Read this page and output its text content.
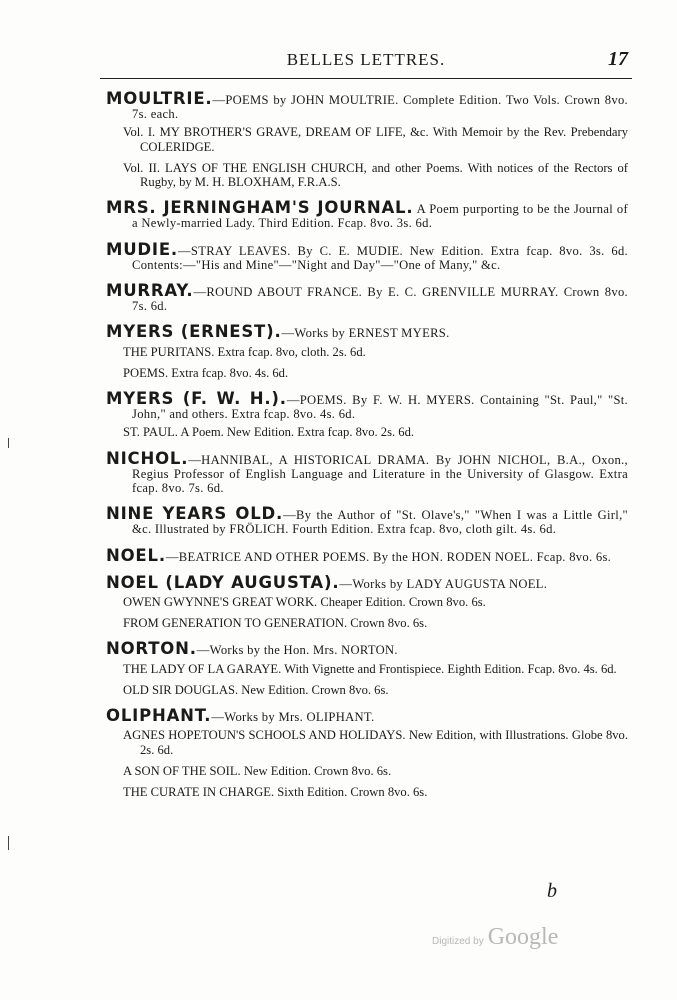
BELLES LETTRES.	17
MOULTRIE.—POEMS by JOHN MOULTRIE. Complete Edition. Two Vols. Crown 8vo. 7s. each.
Vol. I. MY BROTHER'S GRAVE, DREAM OF LIFE, &c. With Memoir by the Rev. Prebendary COLERIDGE.
Vol. II. LAYS OF THE ENGLISH CHURCH, and other Poems. With notices of the Rectors of Rugby, by M. H. BLOXHAM, F.R.A.S.
MRS. JERNINGHAM'S JOURNAL. A Poem purporting to be the Journal of a Newly-married Lady. Third Edition. Fcap. 8vo. 3s. 6d.
MUDIE.—STRAY LEAVES. By C. E. MUDIE. New Edition. Extra fcap. 8vo. 3s. 6d. Contents:—"His and Mine"—"Night and Day"—"One of Many," &c.
MURRAY.—ROUND ABOUT FRANCE. By E. C. GRENVILLE MURRAY. Crown 8vo. 7s. 6d.
MYERS (ERNEST).—Works by ERNEST MYERS.
THE PURITANS. Extra fcap. 8vo, cloth. 2s. 6d.
POEMS. Extra fcap. 8vo. 4s. 6d.
MYERS (F. W. H.).—POEMS. By F. W. H. MYERS. Containing "St. Paul," "St. John," and others. Extra fcap. 8vo. 4s. 6d.
ST. PAUL. A Poem. New Edition. Extra fcap. 8vo. 2s. 6d.
NICHOL.—HANNIBAL, A HISTORICAL DRAMA. By JOHN NICHOL, B.A., Oxon., Regius Professor of English Language and Literature in the University of Glasgow. Extra fcap. 8vo. 7s. 6d.
NINE YEARS OLD.—By the Author of "St. Olave's," "When I was a Little Girl," &c. Illustrated by FRÖLICH. Fourth Edition. Extra fcap. 8vo, cloth gilt. 4s. 6d.
NOEL.—BEATRICE AND OTHER POEMS. By the HON. RODEN NOEL. Fcap. 8vo. 6s.
NOEL (LADY AUGUSTA).—Works by LADY AUGUSTA NOEL.
OWEN GWYNNE'S GREAT WORK. Cheaper Edition. Crown 8vo. 6s.
FROM GENERATION TO GENERATION. Crown 8vo. 6s.
NORTON.—Works by the Hon. Mrs. NORTON.
THE LADY OF LA GARAYE. With Vignette and Frontispiece. Eighth Edition. Fcap. 8vo. 4s. 6d.
OLD SIR DOUGLAS. New Edition. Crown 8vo. 6s.
OLIPHANT.—Works by Mrs. OLIPHANT.
AGNES HOPETOUN'S SCHOOLS AND HOLIDAYS. New Edition, with Illustrations. Globe 8vo. 2s. 6d.
A SON OF THE SOIL. New Edition. Crown 8vo. 6s.
THE CURATE IN CHARGE. Sixth Edition. Crown 8vo. 6s.
b
Digitized by Google
